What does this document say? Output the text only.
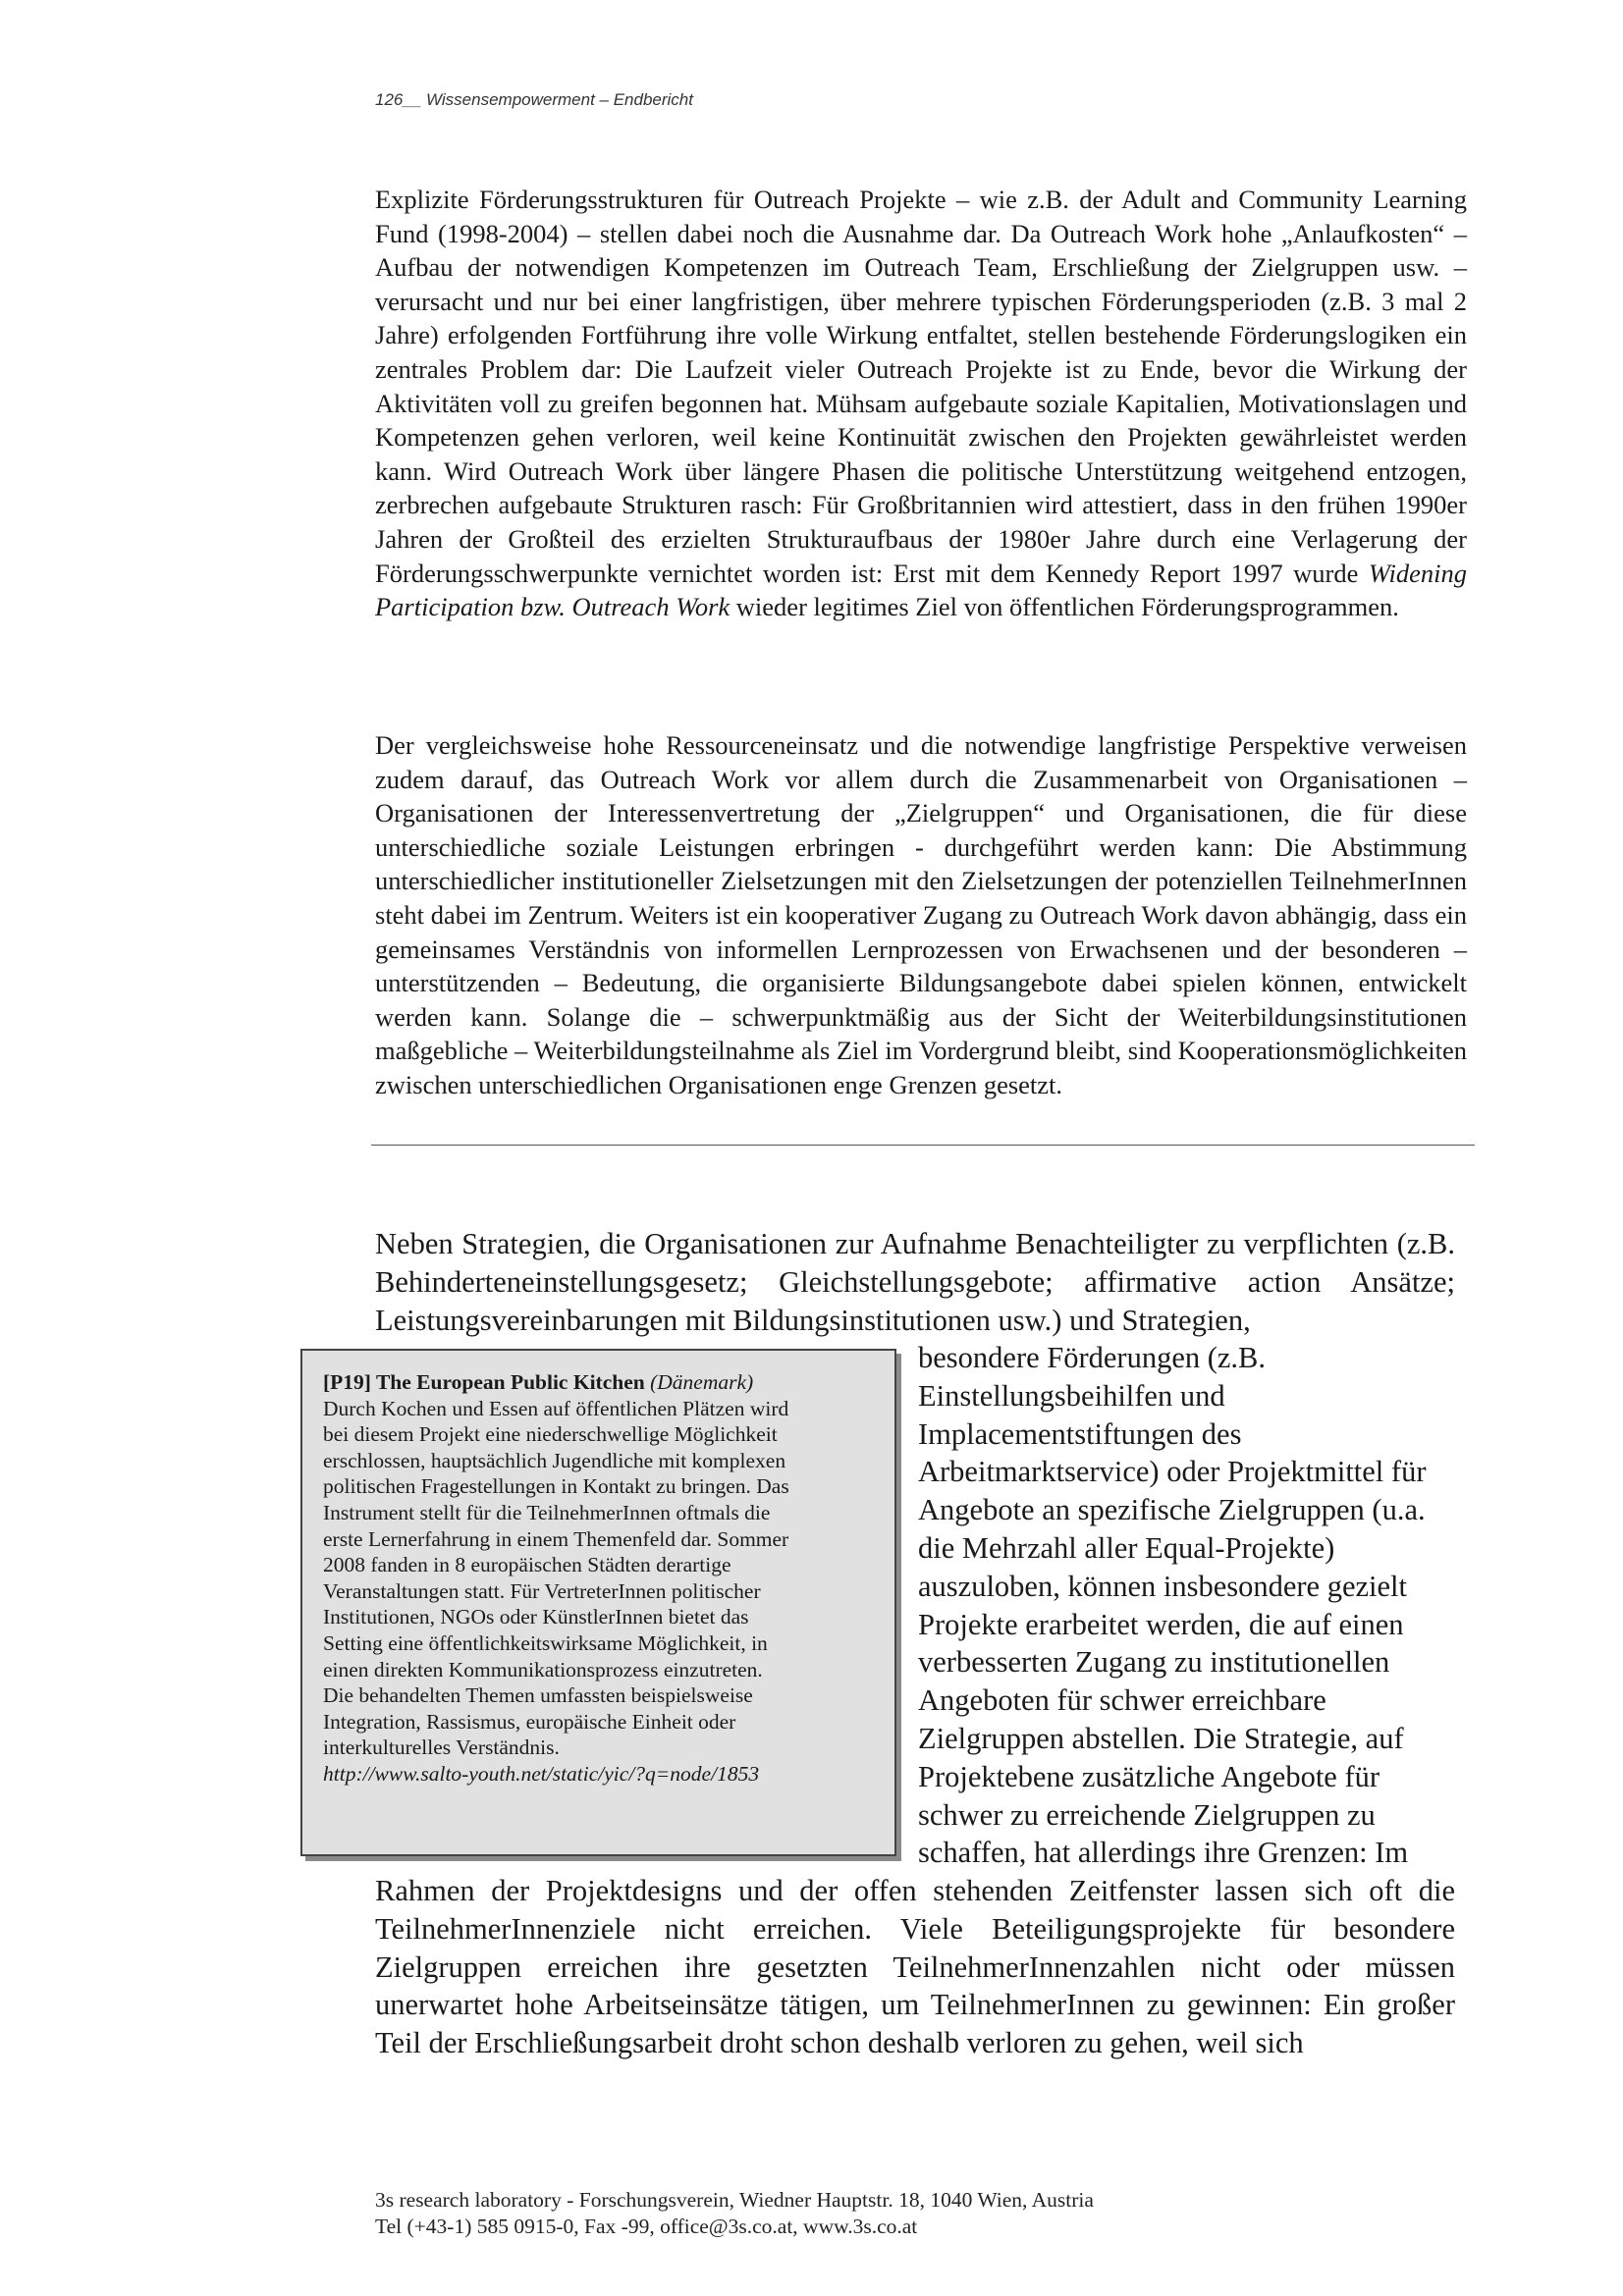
126__ Wissensempowerment – Endbericht

Explizite Förderungsstrukturen für Outreach Projekte – wie z.B. der Adult and Community Learning Fund (1998-2004) – stellen dabei noch die Ausnahme dar. Da Outreach Work hohe „Anlaufkosten“ – Aufbau der notwendigen Kompetenzen im Outreach Team, Erschließung der Zielgruppen usw. – verursacht und nur bei einer langfristigen, über mehrere typischen Förderungsperioden (z.B. 3 mal 2 Jahre) erfolgenden Fortführung ihre volle Wirkung entfaltet, stellen bestehende Förderungslogiken ein zentrales Problem dar: Die Laufzeit vieler Outreach Projekte ist zu Ende, bevor die Wirkung der Aktivitäten voll zu greifen begonnen hat. Mühsam aufgebaute soziale Kapitalien, Motivationslagen und Kompetenzen gehen verloren, weil keine Kontinuität zwischen den Projekten gewährleistet werden kann. Wird Outreach Work über längere Phasen die politische Unterstützung weitgehend entzogen, zerbrechen aufgebaute Strukturen rasch: Für Großbritannien wird attestiert, dass in den frühen 1990er Jahren der Großteil des erzielten Strukturaufbaus der 1980er Jahre durch eine Verlagerung der Förderungsschwerpunkte vernichtet worden ist: Erst mit dem Kennedy Report 1997 wurde Widening Participation bzw. Outreach Work wieder legitimes Ziel von öffentlichen Förderungsprogrammen.

Der vergleichsweise hohe Ressourceneinsatz und die notwendige langfristige Perspektive verweisen zudem darauf, das Outreach Work vor allem durch die Zusammenarbeit von Organisationen – Organisationen der Interessenvertretung der „Zielgruppen“ und Organisationen, die für diese unterschiedliche soziale Leistungen erbringen - durchgeführt werden kann: Die Abstimmung unterschiedlicher institutioneller Zielsetzungen mit den Zielsetzungen der potenziellen TeilnehmerInnen steht dabei im Zentrum. Weiters ist ein kooperativer Zugang zu Outreach Work davon abhängig, dass ein gemeinsames Verständnis von informellen Lernprozessen von Erwachsenen und der besonderen – unterstützenden – Bedeutung, die organisierte Bildungsangebote dabei spielen können, entwickelt werden kann. Solange die – schwerpunktmäßig aus der Sicht der Weiterbildungsinstitutionen maßgebliche – Weiterbildungsteilnahme als Ziel im Vordergrund bleibt, sind Kooperationsmöglichkeiten zwischen unterschiedlichen Organisationen enge Grenzen gesetzt.

Neben Strategien, die Organisationen zur Aufnahme Benachteiligter zu verpflichten (z.B. Behinderteneinstellungsgesetz; Gleichstellungsgebote; affirmative action Ansätze; Leistungsvereinbarungen mit Bildungsinstitutionen usw.) und Strategien,

[P19] The European Public Kitchen (Dänemark)
Durch Kochen und Essen auf öffentlichen Plätzen wird
bei diesem Projekt eine niederschwellige Möglichkeit
erschlossen, hauptsächlich Jugendliche mit komplexen
politischen Fragestellungen in Kontakt zu bringen. Das
Instrument stellt für die TeilnehmerInnen oftmals die
erste Lernerfahrung in einem Themenfeld dar. Sommer
2008 fanden in 8 europäischen Städten derartige
Veranstaltungen statt. Für VertreterInnen politischer
Institutionen, NGOs oder KünstlerInnen bietet das
Setting eine öffentlichkeitswirksame Möglichkeit, in
einen direkten Kommunikationsprozess einzutreten.
Die behandelten Themen umfassten beispielsweise
Integration, Rassismus, europäische Einheit oder
interkulturelles Verständnis.
http://www.salto-youth.net/static/yic/?q=node/1853
besondere Förderungen (z.B.
Einstellungsbeihilfen und
Implacementstiftungen des
Arbeitmarktservice) oder Projektmittel für
Angebote an spezifische Zielgruppen (u.a.
die Mehrzahl aller Equal-Projekte)
auszuloben, können insbesondere gezielt
Projekte erarbeitet werden, die auf einen
verbesserten Zugang zu institutionellen
Angeboten für schwer erreichbare
Zielgruppen abstellen. Die Strategie, auf
Projektebene zusätzliche Angebote für
schwer zu erreichende Zielgruppen zu
schaffen, hat allerdings ihre Grenzen: Im

Rahmen der Projektdesigns und der offen stehenden Zeitfenster lassen sich oft die TeilnehmerInnenziele nicht erreichen. Viele Beteiligungsprojekte für besondere Zielgruppen erreichen ihre gesetzten TeilnehmerInnenzahlen nicht oder müssen unerwartet hohe Arbeitseinsätze tätigen, um TeilnehmerInnen zu gewinnen: Ein großer Teil der Erschließungsarbeit droht schon deshalb verloren zu gehen, weil sich

3s research laboratory - Forschungsverein, Wiedner Hauptstr. 18, 1040 Wien, Austria
Tel (+43-1) 585 0915-0, Fax -99, office@3s.co.at, www.3s.co.at
